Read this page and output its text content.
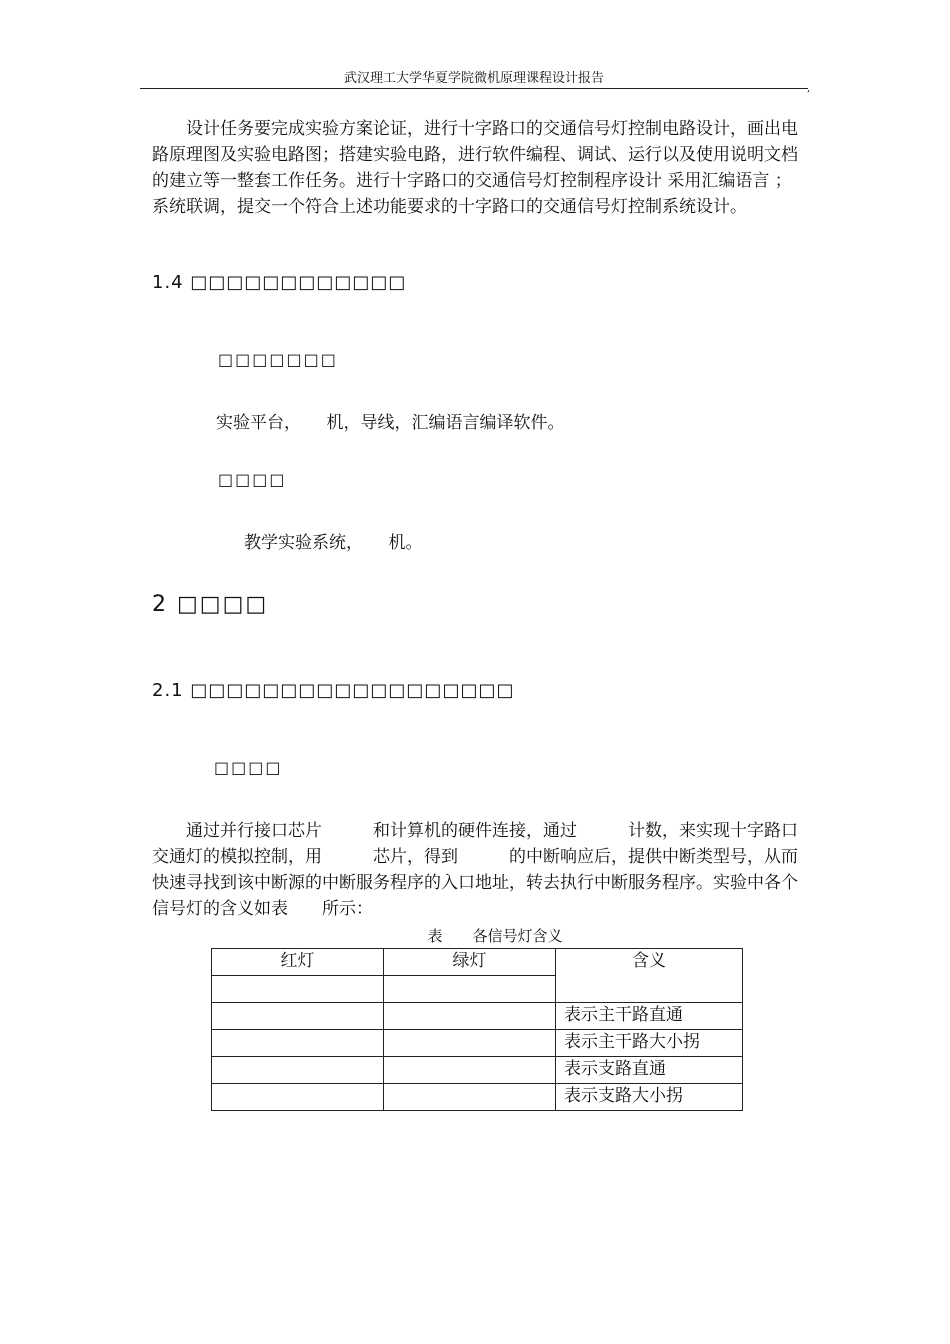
武汉理工大学华夏学院微机原理课程设计报告
,
设计任务要完成实验方案论证，进行十字路口的交通信号灯控制电路设计，画出电路原理图及实验电路图；搭建实验电路，进行软件编程、调试、运行以及使用说明文档的建立等一整套工作任务。进行十字路口的交通信号灯控制程序设计 采用汇编语言 ；系统联调，提交一个符合上述功能要求的十字路口的交通信号灯控制系统设计。
1.4 □□□□□□□□□□□□
□□□□□□□
实验平台，　　机，导线，汇编语言编译软件。
□□□□
教学实验系统，　　机。
2 □□□□
2.1 □□□□□□□□□□□□□□□□□□
□□□□
通过并行接口芯片　　　和计算机的硬件连接，通过　　　计数，来实现十字路口交通灯的模拟控制，用　　　芯片，得到　　　的中断响应后，提供中断类型号，从而快速寻找到该中断源的中断服务程序的入口地址，转去执行中断服务程序。实验中各个信号灯的含义如表　　所示：
表　　各信号灯含义
红灯	绿灯	含义

		表示主干路直通
		表示主干路大小拐
		表示支路直通
		表示支路大小拐
